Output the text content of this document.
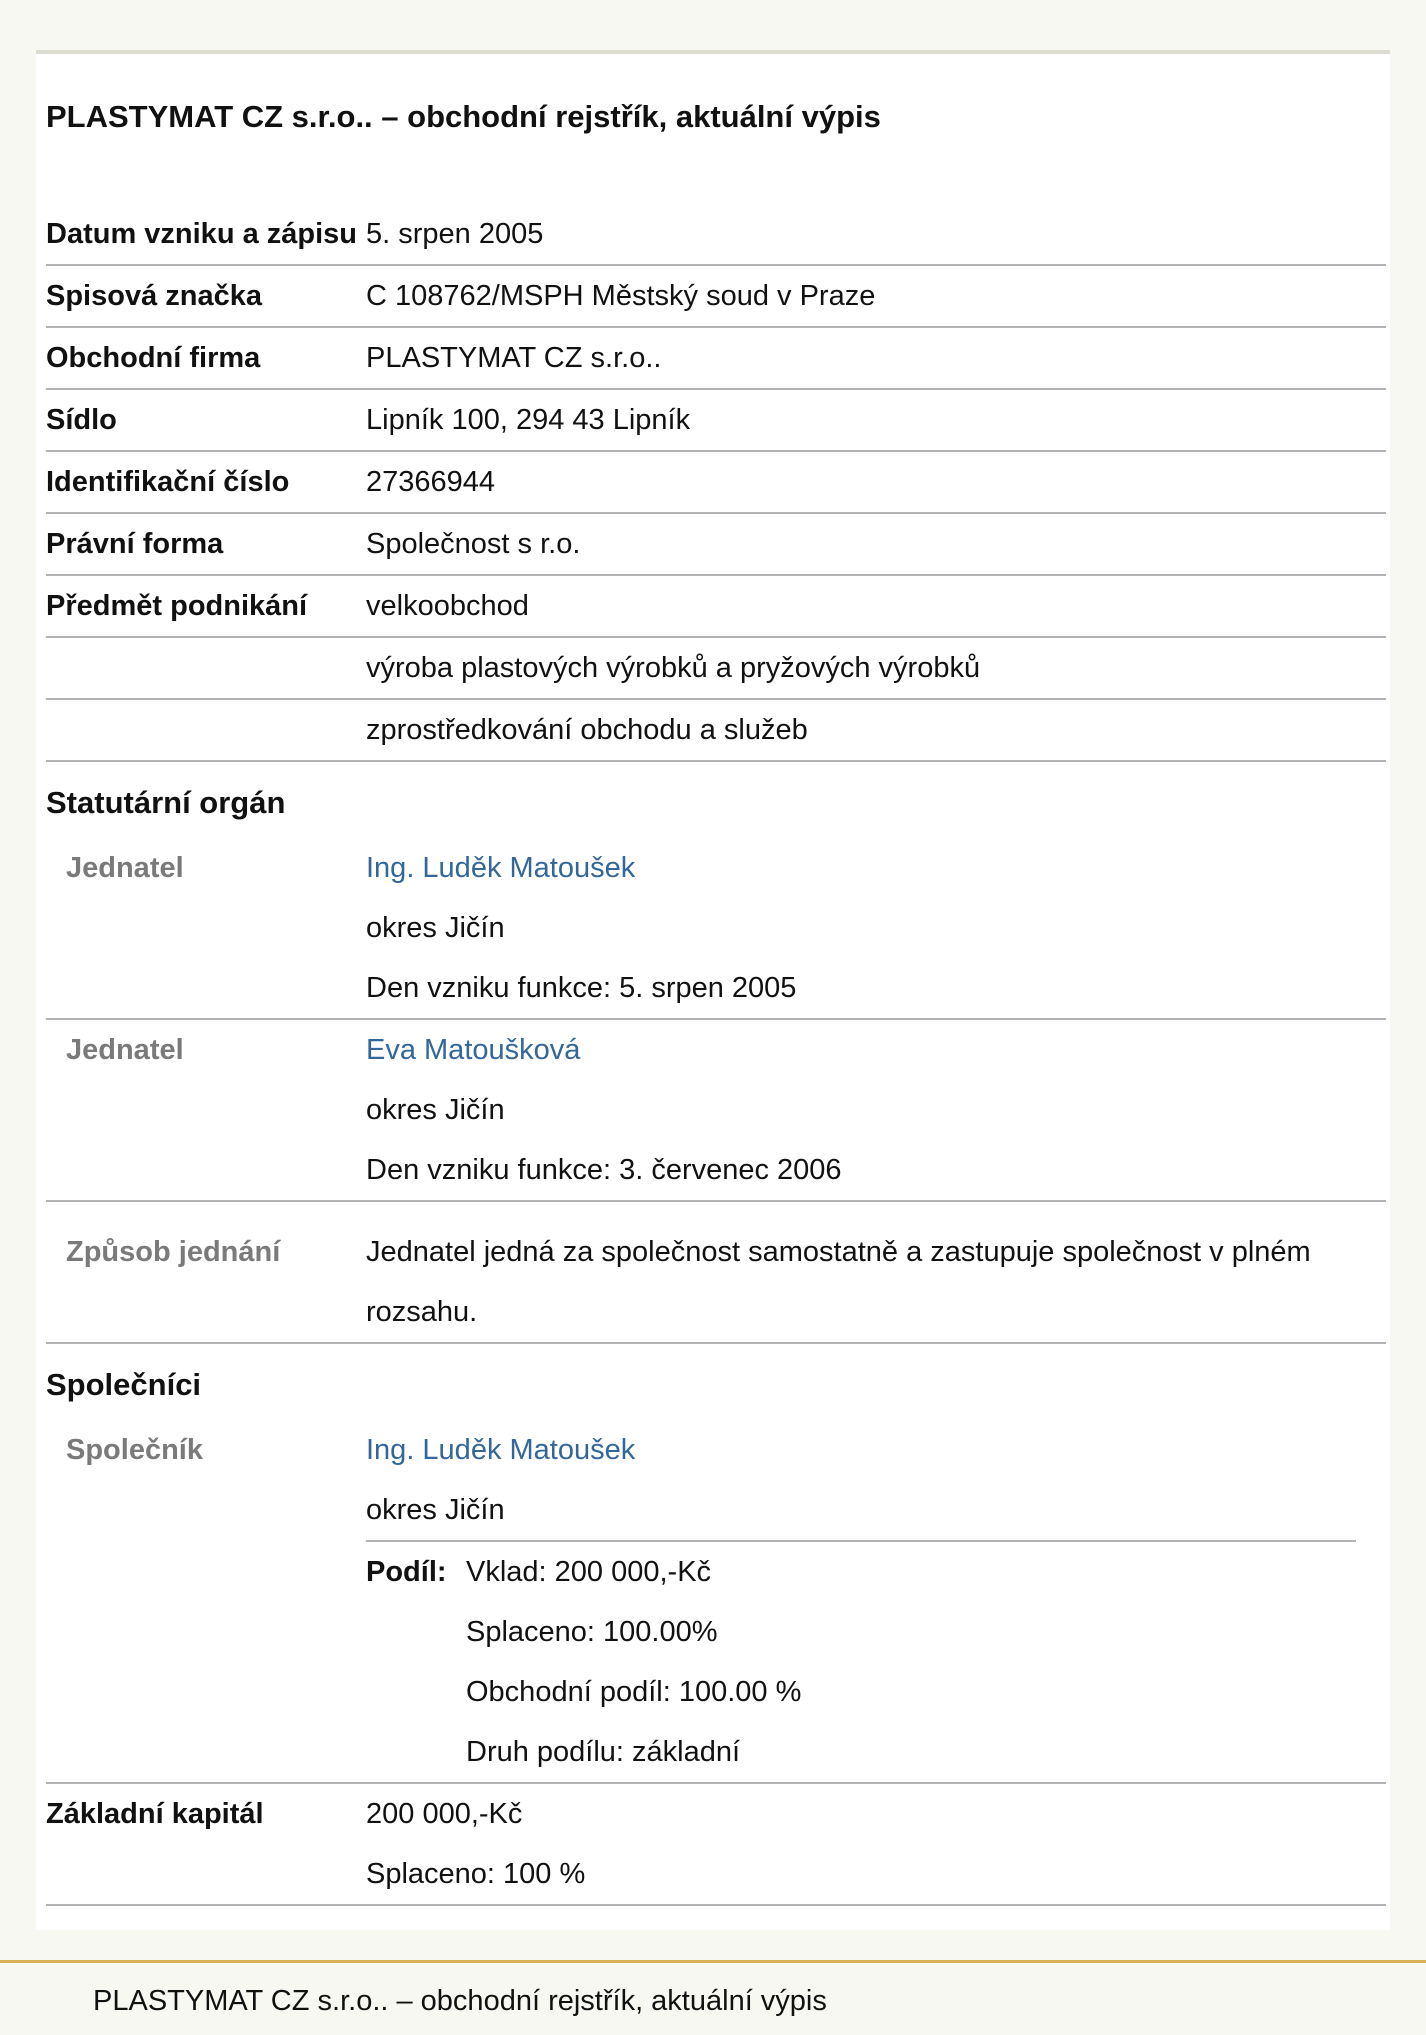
PLASTYMAT CZ s.r.o.. – obchodní rejstřík, aktuální výpis
Datum vzniku a zápisu 5. srpen 2005
Spisová značka	C 108762/MSPH Městský soud v Praze
Obchodní firma	PLASTYMAT CZ s.r.o..
Sídlo	Lipník 100, 294 43 Lipník
Identifikační číslo	27366944
Právní forma	Společnost s r.o.
Předmět podnikání	velkoobchod
výroba plastových výrobků a pryžových výrobků
zprostředkování obchodu a služeb
Statutární orgán
Jednatel	Ing. Luděk Matoušek
okres Jičín
Den vzniku funkce: 5. srpen 2005
Jednatel	Eva Matoušková
okres Jičín
Den vzniku funkce: 3. červenec 2006
Způsob jednání	Jednatel jedná za společnost samostatně a zastupuje společnost v plném rozsahu.
Společníci
Společník	Ing. Luděk Matoušek
okres Jičín
Podíl: Vklad: 200 000,-Kč
Splaceno: 100.00%
Obchodní podíl: 100.00 %
Druh podílu: základní
Základní kapitál	200 000,-Kč
Splaceno: 100 %
PLASTYMAT CZ s.r.o.. – obchodní rejstřík, aktuální výpis
